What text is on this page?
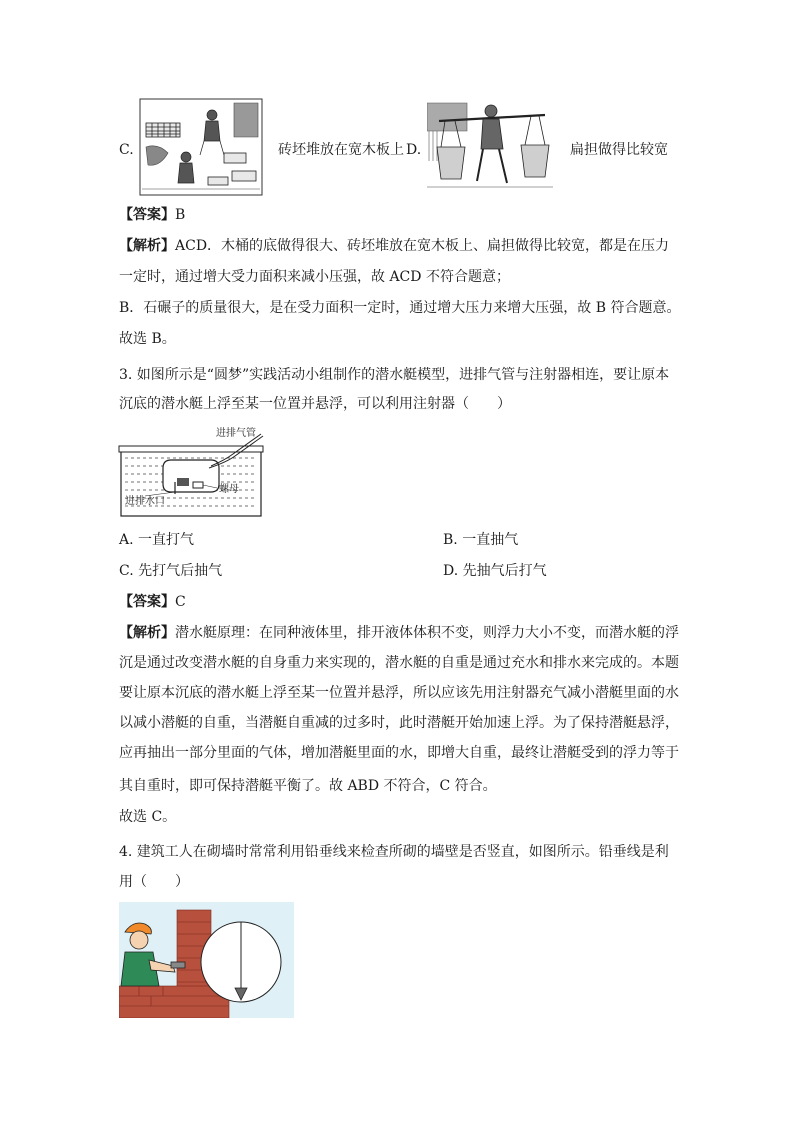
C.	砖坯堆放在宽木板上 D.	扁担做得比较宽
【答案】B
【解析】ACD．木桶的底做得很大、砖坯堆放在宽木板上、扁担做得比较宽，都是在压力
一定时，通过增大受力面积来减小压强，故 ACD 不符合题意；
B．石碾子的质量很大，是在受力面积一定时，通过增大压力来增大压强，故 B 符合题意。
故选 B。
3. 如图所示是“圆梦”实践活动小组制作的潜水艇模型，进排气管与注射器相连，要让原本
沉底的潜水艇上浮至某一位置并悬浮，可以利用注射器（　　）
进排气管
进排水口
螺母
A. 一直打气	B. 一直抽气
C. 先打气后抽气	D. 先抽气后打气
【答案】C
【解析】潜水艇原理：在同种液体里，排开液体体积不变，则浮力大小不变，而潜水艇的浮
沉是通过改变潜水艇的自身重力来实现的，潜水艇的自重是通过充水和排水来完成的。本题
要让原本沉底的潜水艇上浮至某一位置并悬浮，所以应该先用注射器充气减小潜艇里面的水
以减小潜艇的自重，当潜艇自重减的过多时，此时潜艇开始加速上浮。为了保持潜艇悬浮，
应再抽出一部分里面的气体，增加潜艇里面的水，即增大自重，最终让潜艇受到的浮力等于
其自重时，即可保持潜艇平衡了。故 ABD 不符合，C 符合。
故选 C。
4. 建筑工人在砌墙时常常利用铅垂线来检查所砌的墙壁是否竖直，如图所示。铅垂线是利
用（　　）
